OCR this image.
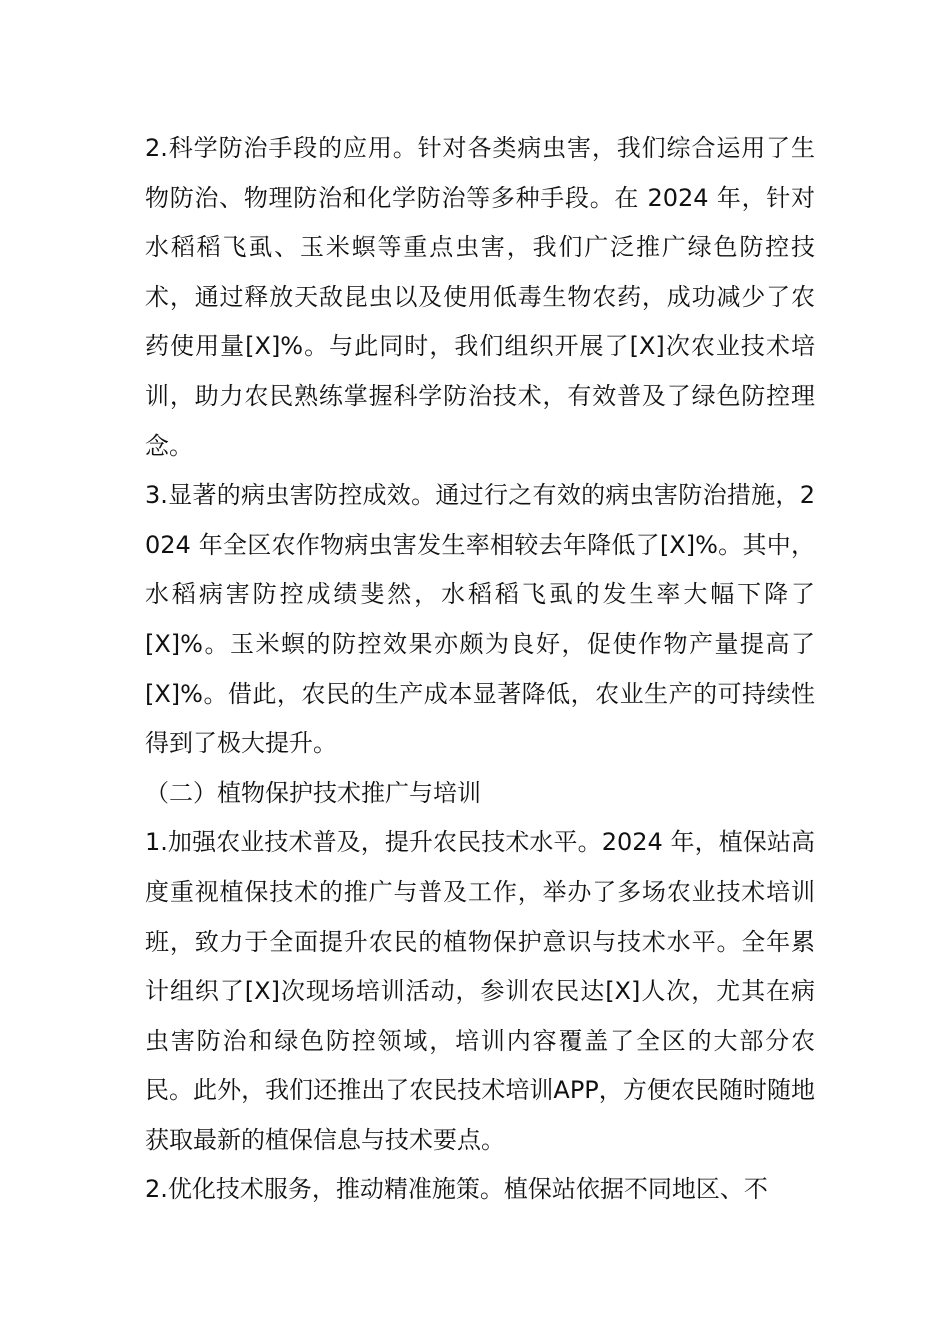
2.科学防治手段的应用。针对各类病虫害，我们综合运用了生物防治、物理防治和化学防治等多种手段。在 2024 年，针对水稻稻飞虱、玉米螟等重点虫害，我们广泛推广绿色防控技术，通过释放天敌昆虫以及使用低毒生物农药，成功减少了农药使用量[X]%。与此同时，我们组织开展了[X]次农业技术培训，助力农民熟练掌握科学防治技术，有效普及了绿色防控理念。

3.显著的病虫害防控成效。通过行之有效的病虫害防治措施，2024 年全区农作物病虫害发生率相较去年降低了[X]%。其中，水稻病害防控成绩斐然，水稻稻飞虱的发生率大幅下降了[X]%。玉米螟的防控效果亦颇为良好，促使作物产量提高了[X]%。借此，农民的生产成本显著降低，农业生产的可持续性得到了极大提升。

（二）植物保护技术推广与培训

1.加强农业技术普及，提升农民技术水平。2024 年，植保站高度重视植保技术的推广与普及工作，举办了多场农业技术培训班，致力于全面提升农民的植物保护意识与技术水平。全年累计组织了[X]次现场培训活动，参训农民达[X]人次，尤其在病虫害防治和绿色防控领域，培训内容覆盖了全区的大部分农民。此外，我们还推出了农民技术培训APP，方便农民随时随地获取最新的植保信息与技术要点。

2.优化技术服务，推动精准施策。植保站依据不同地区、不
